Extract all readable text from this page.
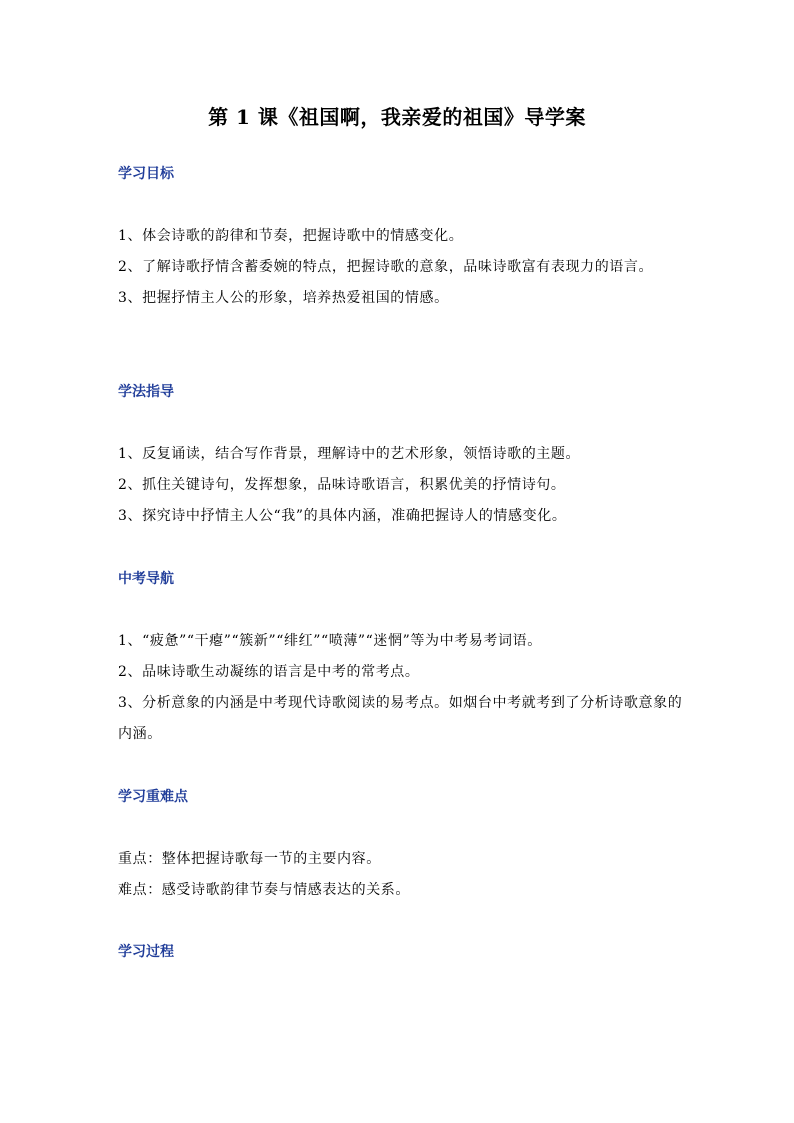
第 1 课《祖国啊，我亲爱的祖国》导学案
学习目标
1、体会诗歌的韵律和节奏，把握诗歌中的情感变化。
2、了解诗歌抒情含蓄委婉的特点，把握诗歌的意象，品味诗歌富有表现力的语言。
3、把握抒情主人公的形象，培养热爱祖国的情感。
学法指导
1、反复诵读，结合写作背景，理解诗中的艺术形象，领悟诗歌的主题。
2、抓住关键诗句，发挥想象，品味诗歌语言，积累优美的抒情诗句。
3、探究诗中抒情主人公“我”的具体内涵，准确把握诗人的情感变化。
中考导航
1、“疲惫”“干瘪”“簇新”“绯红”“喷薄”“迷惘”等为中考易考词语。
2、品味诗歌生动凝练的语言是中考的常考点。
3、分析意象的内涵是中考现代诗歌阅读的易考点。如烟台中考就考到了分析诗歌意象的内涵。
学习重难点
重点：整体把握诗歌每一节的主要内容。
难点：感受诗歌韵律节奏与情感表达的关系。
学习过程
